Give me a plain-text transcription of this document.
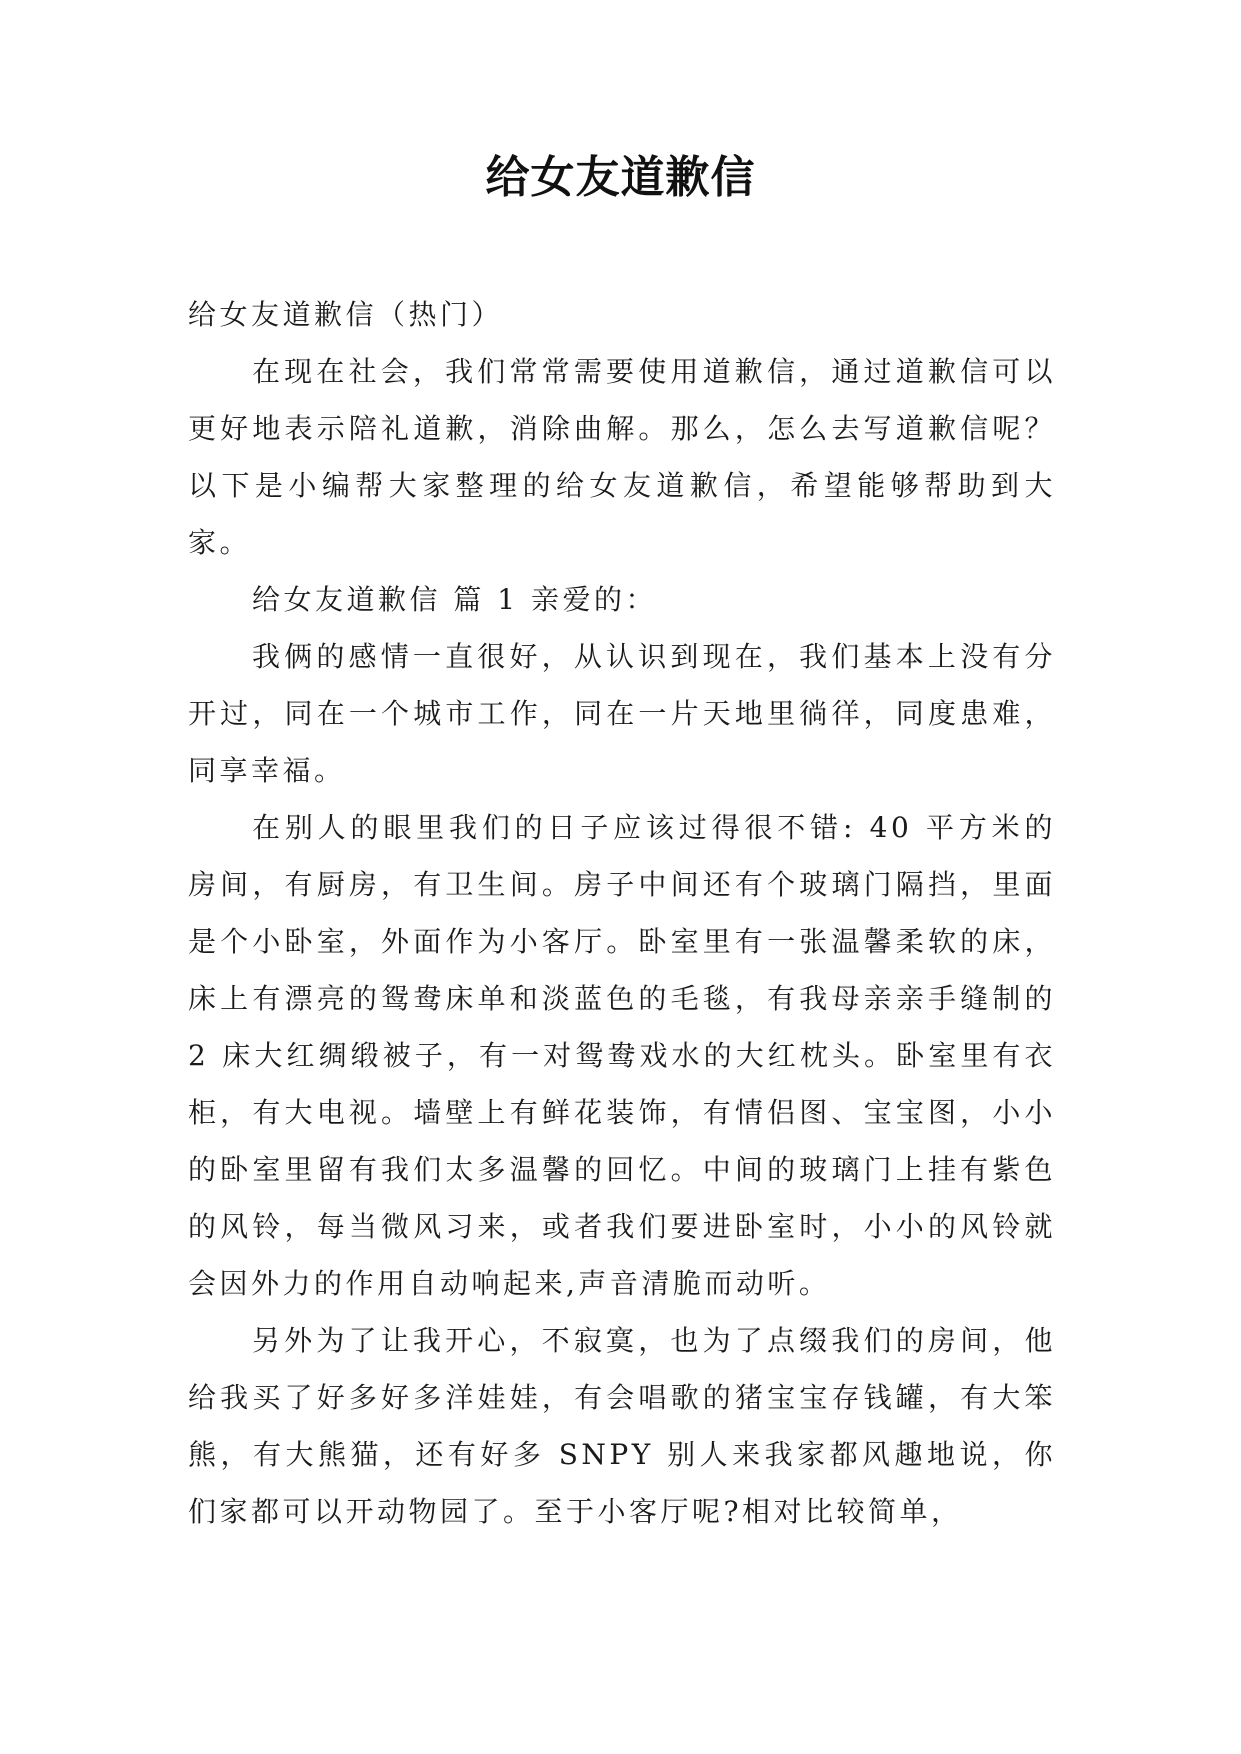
给女友道歉信

给女友道歉信（热门）

在现在社会，我们常常需要使用道歉信，通过道歉信可以更好地表示陪礼道歉，消除曲解。那么，怎么去写道歉信呢？以下是小编帮大家整理的给女友道歉信，希望能够帮助到大家。

给女友道歉信 篇 1 亲爱的：

我俩的感情一直很好，从认识到现在，我们基本上没有分开过，同在一个城市工作，同在一片天地里徜徉，同度患难，同享幸福。

在别人的眼里我们的日子应该过得很不错: 40 平方米的房间，有厨房，有卫生间。房子中间还有个玻璃门隔挡，里面是个小卧室，外面作为小客厅。卧室里有一张温馨柔软的床，床上有漂亮的鸳鸯床单和淡蓝色的毛毯，有我母亲亲手缝制的 2 床大红绸缎被子，有一对鸳鸯戏水的大红枕头。卧室里有衣柜，有大电视。墙壁上有鲜花装饰，有情侣图、宝宝图，小小的卧室里留有我们太多温馨的回忆。中间的玻璃门上挂有紫色的风铃，每当微风习来，或者我们要进卧室时，小小的风铃就会因外力的作用自动响起来,声音清脆而动听。

另外为了让我开心，不寂寞，也为了点缀我们的房间，他给我买了好多好多洋娃娃，有会唱歌的猪宝宝存钱罐，有大笨熊，有大熊猫，还有好多 SNPY 别人来我家都风趣地说，你们家都可以开动物园了。至于小客厅呢?相对比较简单，
